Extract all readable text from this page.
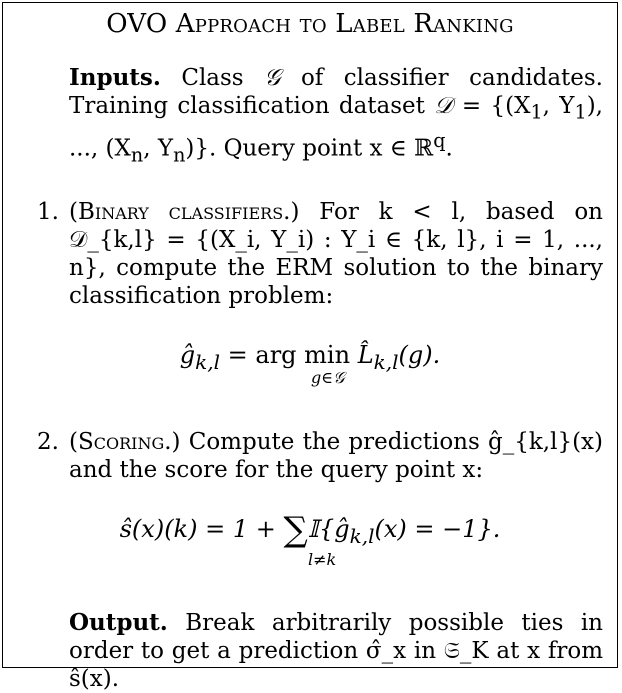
OVO Approach to Label Ranking
Inputs. Class 𝒢 of classifier candidates. Training classification dataset 𝒟 = {($X_1$, $Y_1$), ..., ($X_n$, $Y_n$)}. Query point x ∈ ℝ$^q$.
1. (Binary classifiers.) For k < l, based on 𝒟_{k,l} = {(X_i, Y_i) : Y_i ∈ {k, l}, i = 1, ..., n}, compute the ERM solution to the binary classification problem:
$ĝ_{k,l}$ = arg $\min L̂_{k,l}(g)$.
g∈𝒢
2. (Scoring.) Compute the predictions ĝ_{k,l}(x) and the score for the query point x:
ŝ(x)(k) = $1 + \sum 𝕀\{ĝ_{k,l}(x) = -1\}$.
l≠k
Output. Break arbitrarily possible ties in order to get a prediction σ̂_x in 𝔖_K at x from ŝ(x).
